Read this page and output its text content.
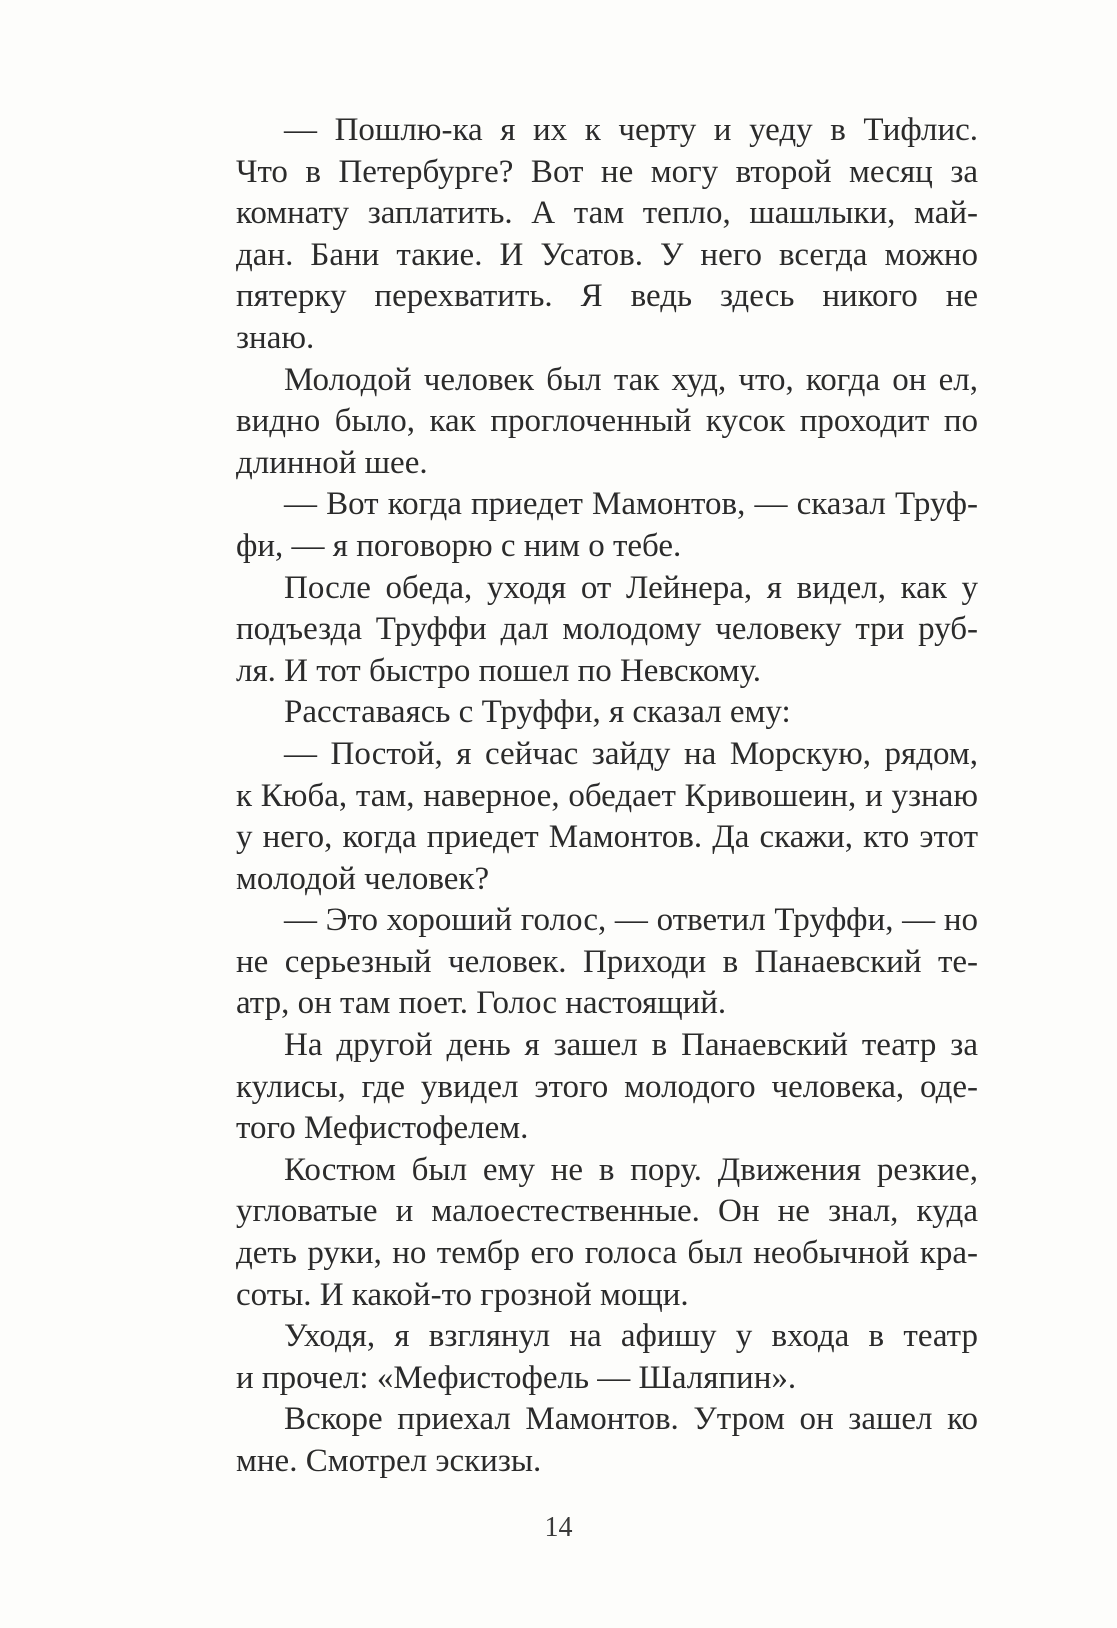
— Пошлю-ка я их к черту и уеду в Тифлис.
Что в Петербурге? Вот не могу второй месяц за
комнату заплатить. А там тепло, шашлыки, май-
дан. Бани такие. И Усатов. У него всегда можно
пятерку перехватить. Я ведь здесь никого не
знаю.
Молодой человек был так худ, что, когда он ел,
видно было, как проглоченный кусок проходит по
длинной шее.
— Вот когда приедет Мамонтов, — сказал Труф-
фи, — я поговорю с ним о тебе.
После обеда, уходя от Лейнера, я видел, как у
подъезда Труффи дал молодому человеку три руб-
ля. И тот быстро пошел по Невскому.
Расставаясь с Труффи, я сказал ему:
— Постой, я сейчас зайду на Морскую, рядом,
к Кюба, там, наверное, обедает Кривошеин, и узнаю
у него, когда приедет Мамонтов. Да скажи, кто этот
молодой человек?
— Это хороший голос, — ответил Труффи, — но
не серьезный человек. Приходи в Панаевский те-
атр, он там поет. Голос настоящий.
На другой день я зашел в Панаевский театр за
кулисы, где увидел этого молодого человека, оде-
того Мефистофелем.
Костюм был ему не в пору. Движения резкие,
угловатые и малоестественные. Он не знал, куда
деть руки, но тембр его голоса был необычной кра-
соты. И какой-то грозной мощи.
Уходя, я взглянул на афишу у входа в театр
и прочел: «Мефистофель — Шаляпин».
Вскоре приехал Мамонтов. Утром он зашел ко
мне. Смотрел эскизы.
14
